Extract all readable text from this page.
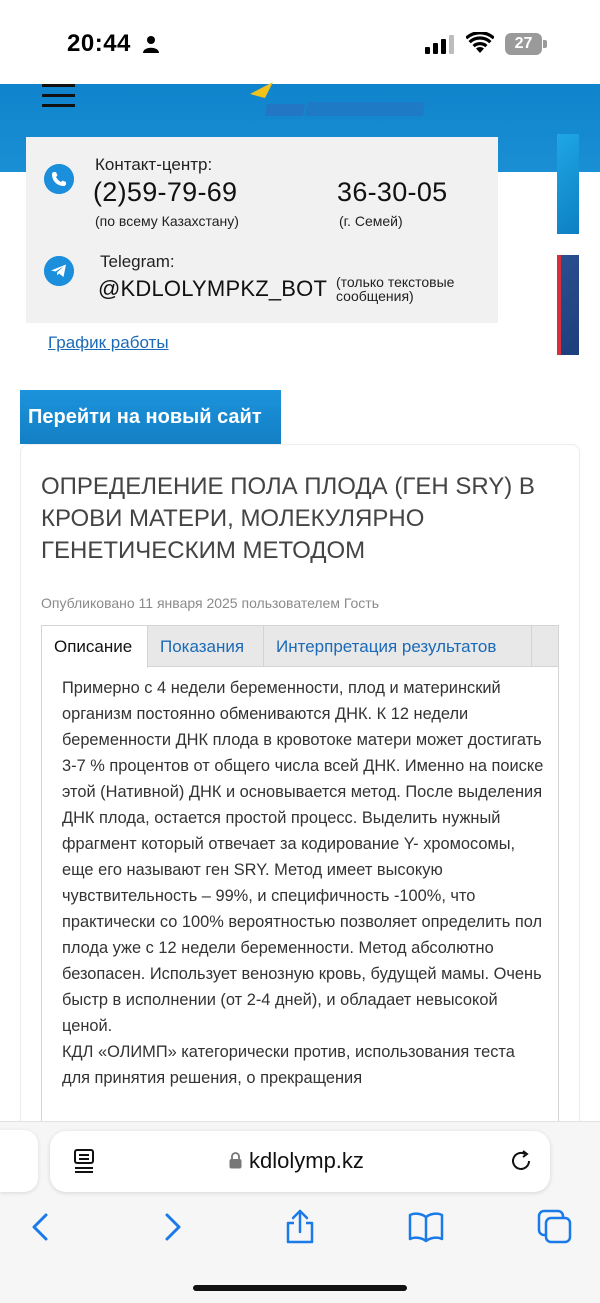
20:44	27
Контакт-центр:
(2)59-79-69
(по всему Казахстану)
36-30-05
(г. Семей)
Telegram:
@KDLOLYMPKZ_BOT (только текстовые сообщения)
График работы
Перейти на новый сайт
ОПРЕДЕЛЕНИЕ ПОЛА ПЛОДА (ГЕН SRY) В КРОВИ МАТЕРИ, МОЛЕКУЛЯРНО ГЕНЕТИЧЕСКИМ МЕТОДОМ
Опубликовано 11 января 2025 пользователем Гость
Описание	Показания	Интерпретация результатов

Примерно с 4 недели беременности, плод и материнский организм постоянно обмениваются ДНК. К 12 недели беременности ДНК плода в кровотоке матери может достигать 3-7 % процентов от общего числа всей ДНК. Именно на поиске этой (Нативной) ДНК и основывается метод. После выделения ДНК плода, остается простой процесс. Выделить нужный фрагмент который отвечает за кодирование Y- хромосомы, еще его называют ген SRY. Метод имеет высокую чувствительность – 99%, и специфичность -100%, что практически со 100% вероятностью позволяет определить пол плода уже с 12 недели беременности. Метод абсолютно безопасен. Использует венозную кровь, будущей мамы. Очень быстр в исполнении (от 2-4 дней), и обладает невысокой ценой.

КДЛ «ОЛИМП» категорически против, использования теста для принятия решения, о прекращения

kdlolymp.kz
